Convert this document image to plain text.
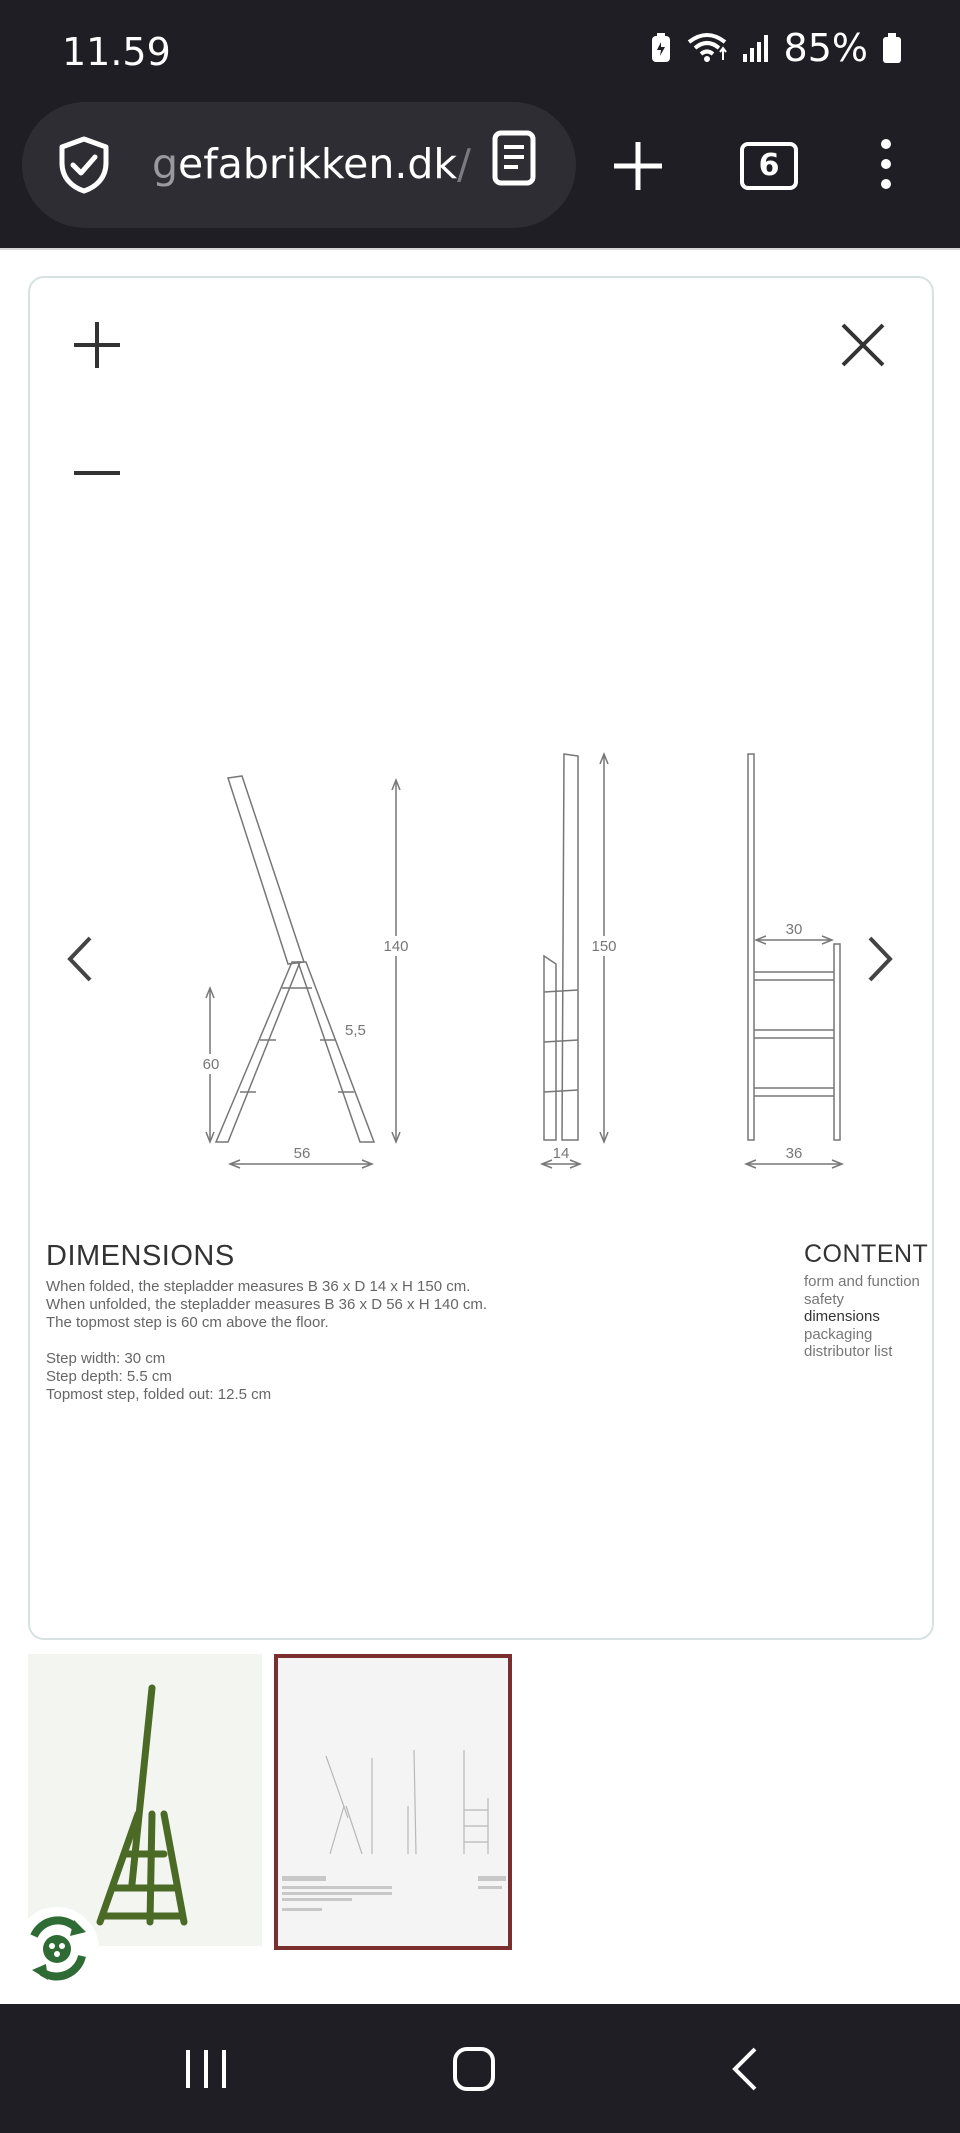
11.59	85%
gefabrikken.dk/	6
140
60
5,5
56
150
14
30
36
DIMENSIONS
When folded, the stepladder measures B 36 x D 14 x H 150 cm.
When unfolded, the stepladder measures B 36 x D 56 x H 140 cm.
The topmost step is 60 cm above the floor.
Step width: 30 cm
Step depth: 5.5 cm
Topmost step, folded out: 12.5 cm
CONTENT
form and function
safety
dimensions
packaging
distributor list
